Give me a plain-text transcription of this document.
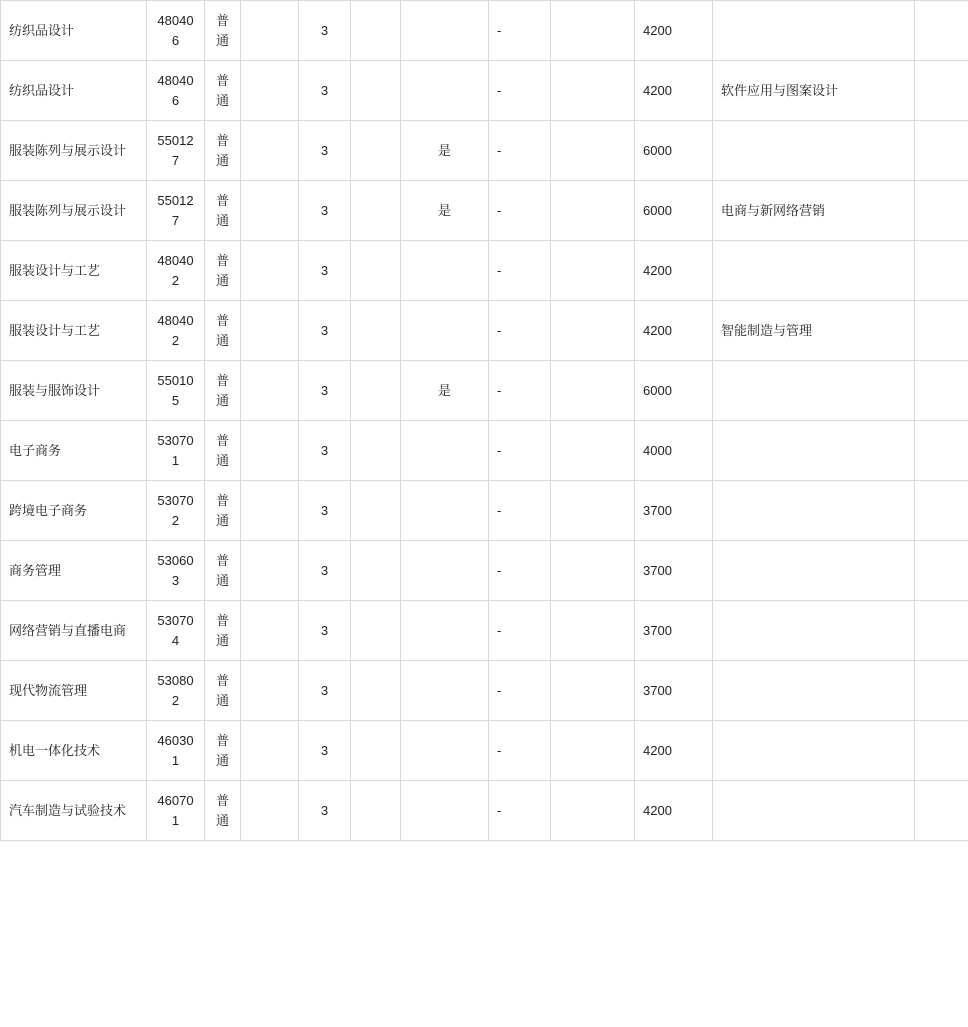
纺织品设计	480406	普通		3			-		4200		
纺织品设计	480406	普通		3			-		4200	软件应用与图案设计	
服装陈列与展示设计	550127	普通		3		是	-		6000		
服装陈列与展示设计	550127	普通		3		是	-		6000	电商与新网络营销	
服装设计与工艺	480402	普通		3			-		4200		
服装设计与工艺	480402	普通		3			-		4200	智能制造与管理	
服装与服饰设计	550105	普通		3		是	-		6000		
电子商务	530701	普通		3			-		4000		
跨境电子商务	530702	普通		3			-		3700		
商务管理	530603	普通		3			-		3700		
网络营销与直播电商	530704	普通		3			-		3700		
现代物流管理	530802	普通		3			-		3700		
机电一体化技术	460301	普通		3			-		4200		
汽车制造与试验技术	460701	普通		3			-		4200		
